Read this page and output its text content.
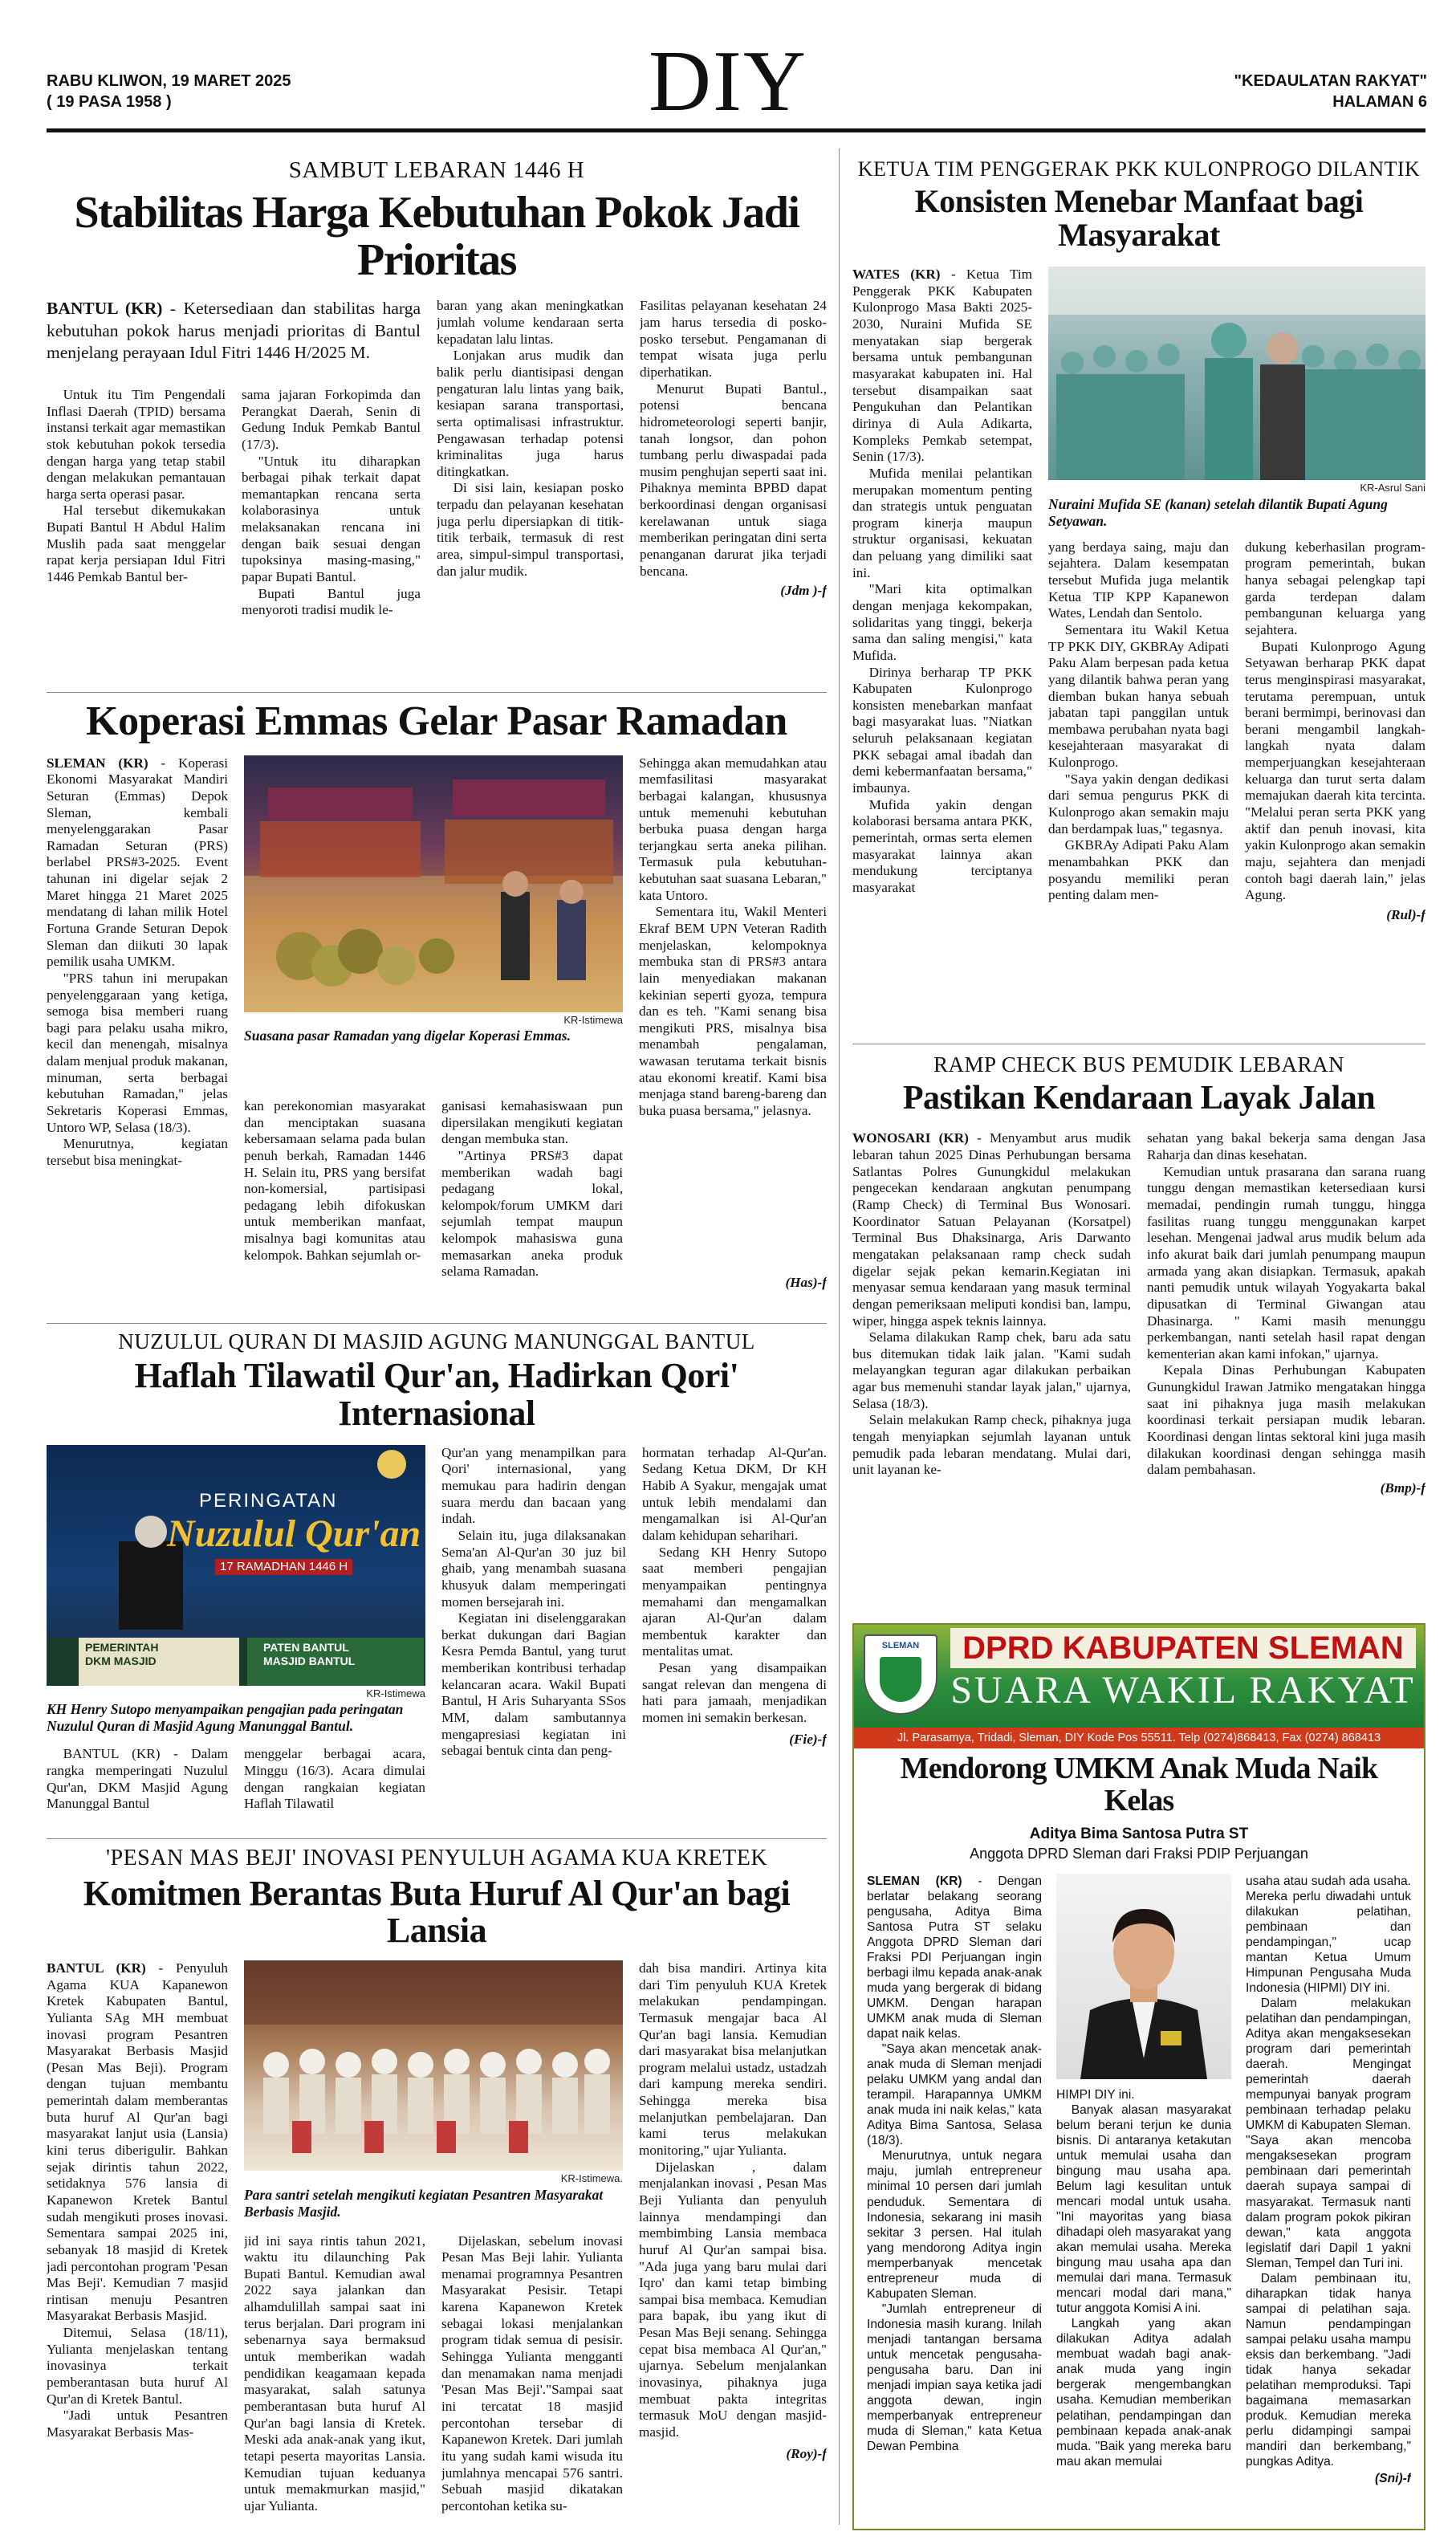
RABU KLIWON, 19 MARET 2025
( 19 PASA 1958 )	DIY	"KEDAULATAN RAKYAT"
HALAMAN 6
SAMBUT LEBARAN 1446 H
Stabilitas Harga Kebutuhan Pokok Jadi Prioritas
BANTUL (KR) - Ketersediaan dan stabilitas harga kebutuhan pokok harus menjadi prioritas di Bantul menjelang perayaan Idul Fitri 1446 H/2025 M.

Untuk itu Tim Pengendali Inflasi Daerah (TPID) bersama instansi terkait agar memastikan stok kebutuhan pokok tersedia dengan harga yang tetap stabil dengan melakukan pemantauan harga serta operasi pasar.

Hal tersebut dikemukakan Bupati Bantul H Abdul Halim Muslih pada saat menggelar rapat kerja persiapan Idul Fitri 1446 Pemkab Bantul ber-

sama jajaran Forkopimda dan Perangkat Daerah, Senin di Gedung Induk Pemkab Bantul (17/3).

"Untuk itu diharapkan berbagai pihak terkait dapat memantapkan rencana serta kolaborasinya untuk melaksanakan rencana ini dengan baik sesuai dengan tupoksinya masing-masing," papar Bupati Bantul.

Bupati Bantul juga menyoroti tradisi mudik le-

baran yang akan meningkatkan jumlah volume kendaraan serta kepadatan lalu lintas.

Lonjakan arus mudik dan balik perlu diantisipasi dengan pengaturan lalu lintas yang baik, kesiapan sarana transportasi, serta optimalisasi infrastruktur. Pengawasan terhadap potensi kriminalitas juga harus ditingkatkan.

Di sisi lain, kesiapan posko terpadu dan pelayanan kesehatan juga perlu dipersiapkan di titik-titik terbaik, termasuk di rest area, simpul-simpul transportasi, dan jalur mudik.

Fasilitas pelayanan kesehatan 24 jam harus tersedia di posko-posko tersebut. Pengamanan di tempat wisata juga perlu diperhatikan.

Menurut Bupati Bantul., potensi bencana hidrometeorologi seperti banjir, tanah longsor, dan pohon tumbang perlu diwaspadai pada musim penghujan seperti saat ini. Pihaknya meminta BPBD dapat berkoordinasi dengan organisasi kerelawanan untuk siaga memberikan peringatan dini serta penanganan darurat jika terjadi bencana.

(Jdm )-f
Koperasi Emmas Gelar Pasar Ramadan

SLEMAN (KR) - Koperasi Ekonomi Masyarakat Mandiri Seturan (Emmas) Depok Sleman, kembali menyelenggarakan Pasar Ramadan Seturan (PRS) berlabel PRS#3-2025. Event tahunan ini digelar sejak 2 Maret hingga 21 Maret 2025 mendatang di lahan milik Hotel Fortuna Grande Seturan Depok Sleman dan diikuti 30 lapak pemilik usaha UMKM.

"PRS tahun ini merupakan penyelenggaraan yang ketiga, semoga bisa memberi ruang bagi para pelaku usaha mikro, kecil dan menengah, misalnya dalam menjual produk makanan, minuman, serta berbagai kebutuhan Ramadan," jelas Sekretaris Koperasi Emmas, Untoro WP, Selasa (18/3).

Menurutnya, kegiatan tersebut bisa meningkat-

KR-Istimewa
Suasana pasar Ramadan yang digelar Koperasi Emmas.

Sehingga akan memudahkan atau memfasilitasi masyarakat berbagai kalangan, khususnya untuk memenuhi kebutuhan berbuka puasa dengan harga terjangkau serta aneka pilihan. Termasuk pula kebutuhan-kebutuhan saat suasana Lebaran," kata Untoro.

Sementara itu, Wakil Menteri Ekraf BEM UPN Veteran Radith menjelaskan, kelompoknya membuka stan di PRS#3 antara lain menyediakan makanan kekinian seperti gyoza, tempura dan es teh. "Kami senang bisa mengikuti PRS, misalnya bisa menambah pengalaman, wawasan terutama terkait bisnis atau ekonomi kreatif. Kami bisa menjaga stand bareng-bareng dan buka puasa bersama," jelasnya.

kan perekonomian masyarakat dan menciptakan suasana kebersamaan selama pada bulan penuh berkah, Ramadan 1446 H. Selain itu, PRS yang bersifat non-komersial, partisipasi pedagang lebih difokuskan untuk memberikan manfaat, misalnya bagi komunitas atau kelompok. Bahkan sejumlah or-

ganisasi kemahasiswaan pun dipersilakan mengikuti kegiatan dengan membuka stan.

"Artinya PRS#3 dapat memberikan wadah bagi pedagang lokal, kelompok/forum UMKM dari sejumlah tempat maupun kelompok mahasiswa guna memasarkan aneka produk selama Ramadan.

(Has)-f
NUZULUL QURAN DI MASJID AGUNG MANUNGGAL BANTUL
Haflah Tilawatil Qur'an, Hadirkan Qori' Internasional
PERINGATAN
Nuzulul Qur'an
17 RAMADHAN 1446 H
PEMERINTAH
DKM MASJID
PATEN BANTUL
MASJID BANTUL
KR-Istimewa
KH Henry Sutopo menyampaikan pengajian pada peringatan Nuzulul Quran di Masjid Agung Manunggal Bantul.

BANTUL (KR) - Dalam rangka memperingati Nuzulul Qur'an, DKM Masjid Agung Manunggal Bantul

menggelar berbagai acara, Minggu (16/3). Acara dimulai dengan rangkaian kegiatan Haflah Tilawatil

Qur'an yang menampilkan para Qori' internasional, yang memukau para hadirin dengan suara merdu dan bacaan yang indah.

Selain itu, juga dilaksanakan Sema'an Al-Qur'an 30 juz bil ghaib, yang menambah suasana khusyuk dalam memperingati momen bersejarah ini.

Kegiatan ini diselenggarakan berkat dukungan dari Bagian Kesra Pemda Bantul, yang turut memberikan kontribusi terhadap kelancaran acara. Wakil Bupati Bantul, H Aris Suharyanta SSos MM, dalam sambutannya mengapresiasi kegiatan ini sebagai bentuk cinta dan peng-

hormatan terhadap Al-Qur'an. Sedang Ketua DKM, Dr KH Habib A Syakur, mengajak umat untuk lebih mendalami dan mengamalkan isi Al-Qur'an dalam kehidupan seharihari.

Sedang KH Henry Sutopo saat memberi pengajian menyampaikan pentingnya memahami dan mengamalkan ajaran Al-Qur'an dalam membentuk karakter dan mentalitas umat.

Pesan yang disampaikan sangat relevan dan mengena di hati para jamaah, menjadikan momen ini semakin berkesan.

(Fie)-f
'PESAN MAS BEJI' INOVASI PENYULUH AGAMA KUA KRETEK
Komitmen Berantas Buta Huruf Al Qur'an bagi Lansia

BANTUL (KR) - Penyuluh Agama KUA Kapanewon Kretek Kabupaten Bantul, Yulianta SAg MH membuat inovasi program Pesantren Masyarakat Berbasis Masjid (Pesan Mas Beji). Program dengan tujuan membantu pemerintah dalam memberantas buta huruf Al Qur'an bagi masyarakat lanjut usia (Lansia) kini terus diberigulir. Bahkan sejak dirintis tahun 2022, setidaknya 576 lansia di Kapanewon Kretek Bantul sudah mengikuti proses inovasi. Sementara sampai 2025 ini, sebanyak 18 masjid di Kretek jadi percontohan program 'Pesan Mas Beji'. Kemudian 7 masjid rintisan menuju Pesantren Masyarakat Berbasis Masjid.

Ditemui, Selasa (18/11), Yulianta menjelaskan tentang inovasinya terkait pemberantasan buta huruf Al Qur'an di Kretek Bantul.

"Jadi untuk Pesantren Masyarakat Berbasis Mas-

KR-Istimewa.
Para santri setelah mengikuti kegiatan Pesantren Masyarakat Berbasis Masjid.

jid ini saya rintis tahun 2021, waktu itu dilaunching Pak Bupati Bantul. Kemudian awal 2022 saya jalankan dan alhamdulillah sampai saat ini terus berjalan. Dari program ini sebenarnya saya bermaksud untuk memberikan wadah pendidikan keagamaan kepada masyarakat, salah satunya pemberantasan buta huruf Al Qur'an bagi lansia di Kretek. Meski ada anak-anak yang ikut, tetapi peserta mayoritas Lansia. Kemudian tujuan keduanya untuk memakmurkan masjid," ujar Yulianta.

Dijelaskan, sebelum inovasi Pesan Mas Beji lahir. Yulianta menamai programnya Pesantren Masyarakat Pesisir. Tetapi karena Kapanewon Kretek sebagai lokasi menjalankan program tidak semua di pesisir. Sehingga Yulianta mengganti dan menamakan nama menjadi 'Pesan Mas Beji'."Sampai saat ini tercatat 18 masjid percontohan tersebar di Kapanewon Kretek. Dari jumlah itu yang sudah kami wisuda itu jumlahnya mencapai 576 santri. Sebuah masjid dikatakan percontohan ketika su-

dah bisa mandiri. Artinya kita dari Tim penyuluh KUA Kretek melakukan pendampingan. Termasuk mengajar baca Al Qur'an bagi lansia. Kemudian dari masyarakat bisa melanjutkan program melalui ustadz, ustadzah dari kampung mereka sendiri. Sehingga mereka bisa melanjutkan pembelajaran. Dan kami terus melakukan monitoring," ujar Yulianta.

Dijelaskan , dalam menjalankan inovasi , Pesan Mas Beji Yulianta dan penyuluh lainnya mendampingi dan membimbing Lansia membaca huruf Al Qur'an sampai bisa. "Ada juga yang baru mulai dari Iqro' dan kami tetap bimbing sampai bisa membaca. Kemudian para bapak, ibu yang ikut di Pesan Mas Beji senang. Sehingga cepat bisa membaca Al Qur'an," ujarnya. Sebelum menjalankan inovasinya, pihaknya juga membuat pakta integritas termasuk MoU dengan masjid-masjid.

(Roy)-f
KETUA TIM PENGGERAK PKK KULONPROGO DILANTIK
Konsisten Menebar Manfaat bagi Masyarakat

WATES (KR) - Ketua Tim Penggerak PKK Kabupaten Kulonprogo Masa Bakti 2025-2030, Nuraini Mufida SE menyatakan siap bergerak bersama untuk pembangunan masyarakat kabupaten ini. Hal tersebut disampaikan saat Pengukuhan dan Pelantikan dirinya di Aula Adikarta, Kompleks Pemkab setempat, Senin (17/3).

Mufida menilai pelantikan merupakan momentum penting dan strategis untuk penguatan program kinerja maupun struktur organisasi, kekuatan dan peluang yang dimiliki saat ini.

"Mari kita optimalkan dengan menjaga kekompakan, solidaritas yang tinggi, bekerja sama dan saling mengisi," kata Mufida.

Dirinya berharap TP PKK Kabupaten Kulonprogo konsisten menebarkan manfaat bagi masyarakat luas. "Niatkan seluruh pelaksanaan kegiatan PKK sebagai amal ibadah dan demi kebermanfaatan bersama," imbaunya.

Mufida yakin dengan kolaborasi bersama antara PKK, pemerintah, ormas serta elemen masyarakat lainnya akan mendukung terciptanya masyarakat

KR-Asrul Sani
Nuraini Mufida SE (kanan) setelah dilantik Bupati Agung Setyawan.

yang berdaya saing, maju dan sejahtera. Dalam kesempatan tersebut Mufida juga melantik Ketua TIP KPP Kapanewon Wates, Lendah dan Sentolo.

Sementara itu Wakil Ketua TP PKK DIY, GKBRAy Adipati Paku Alam berpesan pada ketua yang dilantik bahwa peran yang diemban bukan hanya sebuah jabatan tapi panggilan untuk membawa perubahan nyata bagi kesejahteraan masyarakat di Kulonprogo.

"Saya yakin dengan dedikasi dari semua pengurus PKK di Kulonprogo akan semakin maju dan berdampak luas," tegasnya.

GKBRAy Adipati Paku Alam menambahkan PKK dan posyandu memiliki peran penting dalam men-

dukung keberhasilan program-program pemerintah, bukan hanya sebagai pelengkap tapi garda terdepan dalam pembangunan keluarga yang sejahtera.

Bupati Kulonprogo Agung Setyawan berharap PKK dapat terus menginspirasi masyarakat, terutama perempuan, untuk berani bermimpi, berinovasi dan berani mengambil langkah-langkah nyata dalam memperjuangkan kesejahteraan keluarga dan turut serta dalam memajukan daerah kita tercinta. "Melalui peran serta PKK yang aktif dan penuh inovasi, kita yakin Kulonprogo akan semakin maju, sejahtera dan menjadi contoh bagi daerah lain," jelas Agung.

(Rul)-f
RAMP CHECK BUS PEMUDIK LEBARAN
Pastikan Kendaraan Layak Jalan

WONOSARI (KR) - Menyambut arus mudik lebaran tahun 2025 Dinas Perhubungan bersama Satlantas Polres Gunungkidul melakukan pengecekan kendaraan angkutan penumpang (Ramp Check) di Terminal Bus Wonosari. Koordinator Satuan Pelayanan (Korsatpel) Terminal Bus Dhaksinarga, Aris Darwanto mengatakan pelaksanaan ramp check sudah digelar sejak pekan kemarin.Kegiatan ini menyasar semua kendaraan yang masuk terminal dengan pemeriksaan meliputi kondisi ban, lampu, wiper, hingga aspek teknis lainnya.

Selama dilakukan Ramp chek, baru ada satu bus ditemukan tidak laik jalan. "Kami sudah melayangkan teguran agar dilakukan perbaikan agar bus memenuhi standar layak jalan," ujarnya, Selasa (18/3).

Selain melakukan Ramp check, pihaknya juga tengah menyiapkan sejumlah layanan untuk pemudik pada lebaran mendatang. Mulai dari, unit layanan ke-

sehatan yang bakal bekerja sama dengan Jasa Raharja dan dinas kesehatan.

Kemudian untuk prasarana dan sarana ruang tunggu dengan memastikan ketersediaan kursi memadai, pendingin rumah tunggu, hingga fasilitas ruang tunggu menggunakan karpet lesehan. Mengenai jadwal arus mudik belum ada info akurat baik dari jumlah penumpang maupun armada yang akan disiapkan. Termasuk, apakah nanti pemudik untuk wilayah Yogyakarta bakal dipusatkan di Terminal Giwangan atau Dhasinarga. " Kami masih menunggu perkembangan, nanti setelah hasil rapat dengan kementerian akan kami infokan," ujarnya.

Kepala Dinas Perhubungan Kabupaten Gunungkidul Irawan Jatmiko mengatakan hingga saat ini pihaknya juga masih melakukan koordinasi terkait persiapan mudik lebaran. Koordinasi dengan lintas sektoral kini juga masih dilakukan koordinasi dengan sehingga masih dalam pembahasan.

(Bmp)-f
SLEMAN	DPRD KABUPATEN SLEMAN
SUARA WAKIL RAKYAT
Jl. Parasamya, Tridadi, Sleman, DIY Kode Pos 55511. Telp (0274)868413, Fax (0274) 868413
Mendorong UMKM Anak Muda Naik Kelas
Aditya Bima Santosa Putra ST
Anggota DPRD Sleman dari Fraksi PDIP Perjuangan

SLEMAN (KR) - Dengan berlatar belakang seorang pengusaha, Aditya Bima Santosa Putra ST selaku Anggota DPRD Sleman dari Fraksi PDI Perjuangan ingin berbagi ilmu kepada anak-anak muda yang bergerak di bidang UMKM. Dengan harapan UMKM anak muda di Sleman dapat naik kelas.

"Saya akan mencetak anak-anak muda di Sleman menjadi pelaku UMKM yang andal dan terampil. Harapannya UMKM anak muda ini naik kelas," kata Aditya Bima Santosa, Selasa (18/3).

Menurutnya, untuk negara maju, jumlah entrepreneur minimal 10 persen dari jumlah penduduk. Sementara di Indonesia, sekarang ini masih sekitar 3 persen. Hal itulah yang mendorong Aditya ingin memperbanyak mencetak entrepreneur muda di Kabupaten Sleman.

"Jumlah entrepreneur di Indonesia masih kurang. Inilah menjadi tantangan bersama untuk mencetak pengusaha-pengusaha baru. Dan ini menjadi impian saya ketika jadi anggota dewan, ingin memperbanyak entrepreneur muda di Sleman," kata Ketua Dewan Pembina

HIMPI DIY ini.

Banyak alasan masyarakat belum berani terjun ke dunia bisnis. Di antaranya ketakutan untuk memulai usaha dan bingung mau usaha apa. Belum lagi kesulitan untuk mencari modal untuk usaha. "Ini mayoritas yang biasa dihadapi oleh masyarakat yang akan memulai usaha. Mereka bingung mau usaha apa dan memulai dari mana. Termasuk mencari modal dari mana," tutur anggota Komisi A ini.

Langkah yang akan dilakukan Aditya adalah membuat wadah bagi anak-anak muda yang ingin bergerak mengembangkan usaha. Kemudian memberikan pelatihan, pendampingan dan pembinaan kepada anak-anak muda. "Baik yang mereka baru mau akan memulai

usaha atau sudah ada usaha. Mereka perlu diwadahi untuk dilakukan pelatihan, pembinaan dan pendampingan," ucap mantan Ketua Umum Himpunan Pengusaha Muda Indonesia (HIPMI) DIY ini.

Dalam melakukan pelatihan dan pendampingan, Aditya akan mengaksesekan program dari pemerintah daerah. Mengingat pemerintah daerah mempunyai banyak program pembinaan terhadap pelaku UMKM di Kabupaten Sleman. "Saya akan mencoba mengaksesekan program pembinaan dari pemerintah daerah supaya sampai di masyarakat. Termasuk nanti dalam program pokok pikiran dewan," kata anggota legislatif dari Dapil 1 yakni Sleman, Tempel dan Turi ini.

Dalam pembinaan itu, diharapkan tidak hanya sampai di pelatihan saja. Namun pendampingan sampai pelaku usaha mampu eksis dan berkembang. "Jadi tidak hanya sekadar pelatihan memproduksi. Tapi bagaimana memasarkan produk. Kemudian mereka perlu didampingi sampai mandiri dan berkembang," pungkas Aditya.

(Sni)-f
